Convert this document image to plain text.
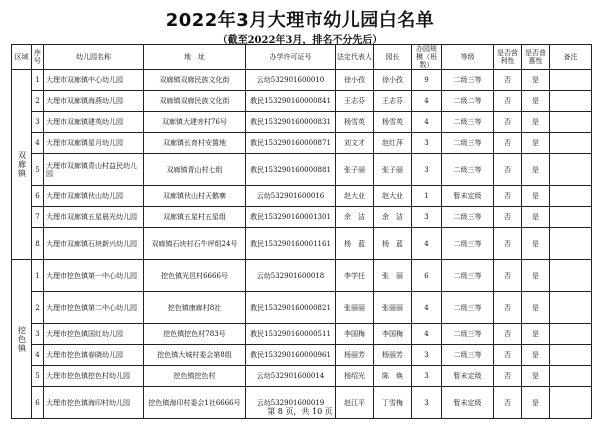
2022年3月大理市幼儿园白名单
（截至2022年3月，排名不分先后）
区域	序号	幼儿园名称	地　址	办学许可证号	法定代表人	园长	办园规模（班数）	等级	是否营利性	是否普惠性	备注
双廊镇	1	大理市双廊镇中心幼儿园	双廊镇双廊民族文化街	云幼532901600010	徐小孜	徐小孜	9	二级三等	否	是	
	2	大理市双廊镇海燕幼儿园	双廊镇双廊民族文化街	教民153290160000841	王志芬	王志芬	4	二级二等	否	是	
	3	大理市双廊镇建英幼儿园	双廊镇大建旁村76号	教民153290160000831	杨雪英	杨雪英	4	二级三等	否	是	
	4	大理市双廊镇星月幼儿园	双廊镇长育村安置地	教民153290160000871	刘文才	赵红萍	3	二级三等	否	是	
	5	大理市双廊镇青山村益民幼儿园	双廊镇青山村七组	教民153290160000881	张子丽	张子丽	3	二级三等	否	是	
	6	大理市双廊镇伙山幼儿园	双廊镇伙山村天鹅寨	云幼532901600016	赵大业	赵大业	1	暂未定级	否	是	
	7	大理市双廊镇五星晨光幼儿园	双廊镇五星村五星组	教民153290160001301	余　洁	余　洁	3	二级三等	否	是	
	8	大理市双廊镇石块新兴幼儿园	双廊镇石块村石牛坪组24号	教民153290160001161	杨　蓝	杨　蓝	4	二级三等	否	是	
挖色镇	1	大理市挖色镇第一中心幼儿园	挖色镇光邑村6666号	云幼532901600018	李学任	张　丽	6	二级三等	否	是	
	2	大理市挖色镇第二中心幼儿园	挖色镇康廊村8社	教民153290160000821	张丽丽	张丽丽	4	二级三等	否	是	
	3	大理市挖色镇国红幼儿园	挖色镇挖色村783号	教民153290160000511	李国梅	李国梅	4	二级三等	否	是	
	4	大理市挖色镇春晓幼儿园	挖色镇大城村委会第8组	教民153290160000961	杨丽芳	杨丽芳	3	二级三等	否	是	
	5	大理市挖色镇挖色村幼儿园	挖色镇挖色村	云幼532901600014	杨绍光	陈　焕	3	暂未定级	否	是	
	6	大理市挖色镇海印村幼儿园	挖色镇海印村委会1社6666号	云幼532901600019	赵江平	丁雪梅	3	暂未定级	否	是	
第 8 页，共 10 页
